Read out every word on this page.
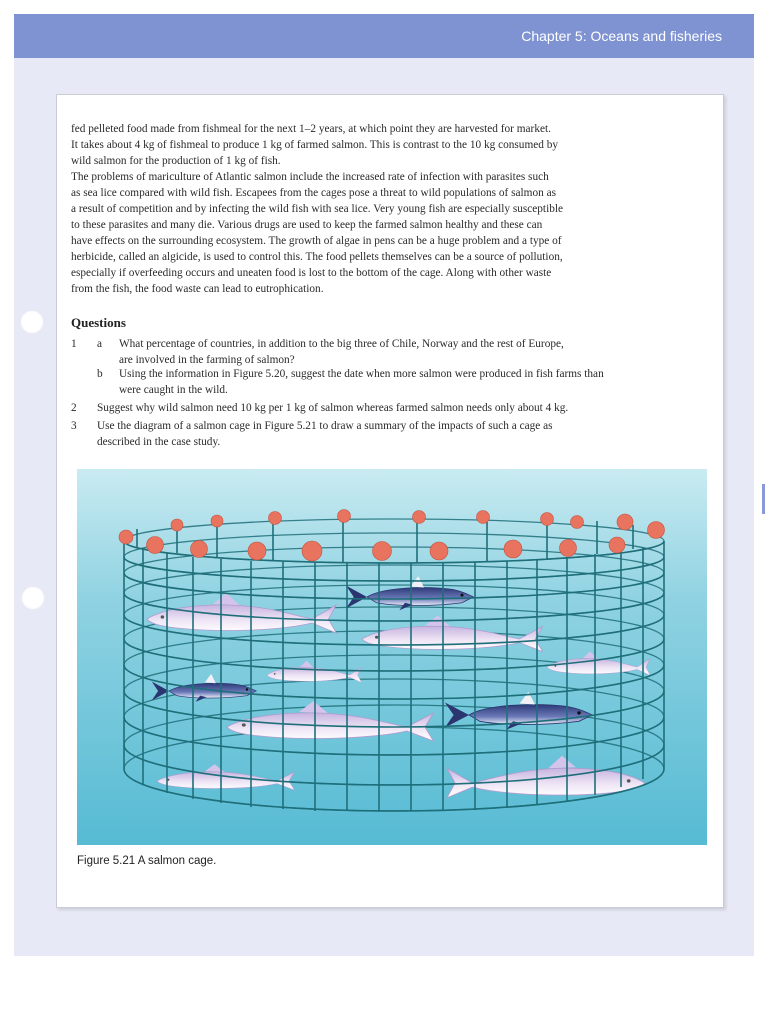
Chapter 5: Oceans and fisheries

fed pelleted food made from fishmeal for the next 1–2 years, at which point they are harvested for market.
It takes about 4 kg of fishmeal to produce 1 kg of farmed salmon. This is contrast to the 10 kg consumed by
wild salmon for the production of 1 kg of fish.

The problems of mariculture of Atlantic salmon include the increased rate of infection with parasites such
as sea lice compared with wild fish. Escapees from the cages pose a threat to wild populations of salmon as
a result of competition and by infecting the wild fish with sea lice. Very young fish are especially susceptible
to these parasites and many die. Various drugs are used to keep the farmed salmon healthy and these can
have effects on the surrounding ecosystem. The growth of algae in pens can be a huge problem and a type of
herbicide, called an algicide, is used to control this. The food pellets themselves can be a source of pollution,
especially if overfeeding occurs and uneaten food is lost to the bottom of the cage. Along with other waste
from the fish, the food waste can lead to eutrophication.

Questions
1	a	What percentage of countries, in addition to the big three of Chile, Norway and the rest of Europe,
are involved in the farming of salmon?
b	Using the information in Figure 5.20, suggest the date when more salmon were produced in fish farms than
were caught in the wild.
2	Suggest why wild salmon need 10 kg per 1 kg of salmon whereas farmed salmon needs only about 4 kg.
3	Use the diagram of a salmon cage in Figure 5.21 to draw a summary of the impacts of such a cage as
described in the case study.
Figure 5.21 A salmon cage.
